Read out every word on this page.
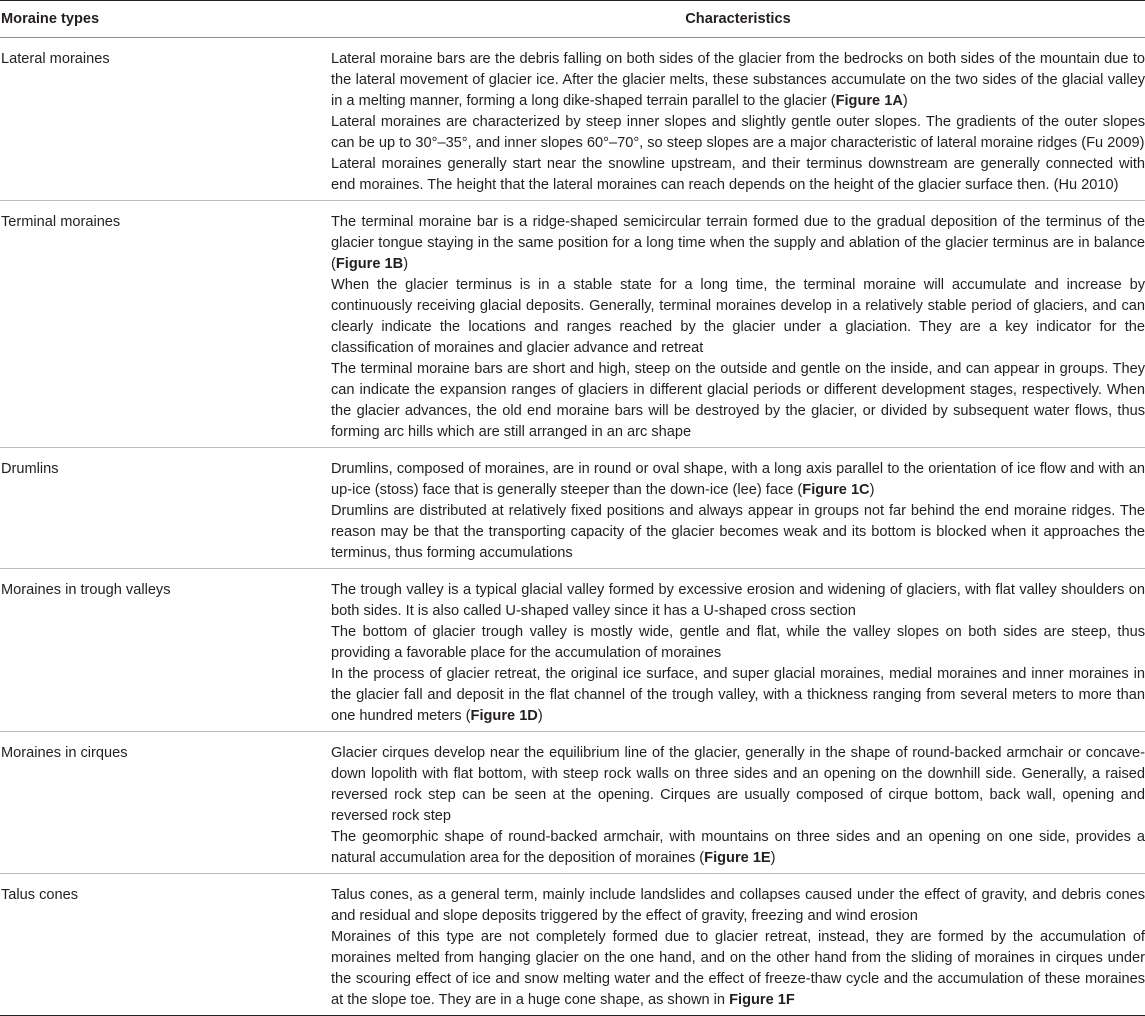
Moraine types	Characteristics
Lateral moraines	Lateral moraine bars are the debris falling on both sides of the glacier from the bedrocks on both sides of the mountain due to the lateral movement of glacier ice. After the glacier melts, these substances accumulate on the two sides of the glacial valley in a melting manner, forming a long dike-shaped terrain parallel to the glacier (Figure 1A)

Lateral moraines are characterized by steep inner slopes and slightly gentle outer slopes. The gradients of the outer slopes can be up to 30°–35°, and inner slopes 60°–70°, so steep slopes are a major characteristic of lateral moraine ridges (Fu 2009)

Lateral moraines generally start near the snowline upstream, and their terminus downstream are generally connected with end moraines. The height that the lateral moraines can reach depends on the height of the glacier surface then. (Hu 2010)

Terminal moraines	The terminal moraine bar is a ridge-shaped semicircular terrain formed due to the gradual deposition of the terminus of the glacier tongue staying in the same position for a long time when the supply and ablation of the glacier terminus are in balance (Figure 1B)

When the glacier terminus is in a stable state for a long time, the terminal moraine will accumulate and increase by continuously receiving glacial deposits. Generally, terminal moraines develop in a relatively stable period of glaciers, and can clearly indicate the locations and ranges reached by the glacier under a glaciation. They are a key indicator for the classification of moraines and glacier advance and retreat

The terminal moraine bars are short and high, steep on the outside and gentle on the inside, and can appear in groups. They can indicate the expansion ranges of glaciers in different glacial periods or different development stages, respectively. When the glacier advances, the old end moraine bars will be destroyed by the glacier, or divided by subsequent water flows, thus forming arc hills which are still arranged in an arc shape

Drumlins	Drumlins, composed of moraines, are in round or oval shape, with a long axis parallel to the orientation of ice flow and with an up-ice (stoss) face that is generally steeper than the down-ice (lee) face (Figure 1C)

Drumlins are distributed at relatively fixed positions and always appear in groups not far behind the end moraine ridges. The reason may be that the transporting capacity of the glacier becomes weak and its bottom is blocked when it approaches the terminus, thus forming accumulations

Moraines in trough valleys	The trough valley is a typical glacial valley formed by excessive erosion and widening of glaciers, with flat valley shoulders on both sides. It is also called U-shaped valley since it has a U-shaped cross section

The bottom of glacier trough valley is mostly wide, gentle and flat, while the valley slopes on both sides are steep, thus providing a favorable place for the accumulation of moraines

In the process of glacier retreat, the original ice surface, and super glacial moraines, medial moraines and inner moraines in the glacier fall and deposit in the flat channel of the trough valley, with a thickness ranging from several meters to more than one hundred meters (Figure 1D)

Moraines in cirques	Glacier cirques develop near the equilibrium line of the glacier, generally in the shape of round-backed armchair or concave-down lopolith with flat bottom, with steep rock walls on three sides and an opening on the downhill side. Generally, a raised reversed rock step can be seen at the opening. Cirques are usually composed of cirque bottom, back wall, opening and reversed rock step

The geomorphic shape of round-backed armchair, with mountains on three sides and an opening on one side, provides a natural accumulation area for the deposition of moraines (Figure 1E)

Talus cones	Talus cones, as a general term, mainly include landslides and collapses caused under the effect of gravity, and debris cones and residual and slope deposits triggered by the effect of gravity, freezing and wind erosion

Moraines of this type are not completely formed due to glacier retreat, instead, they are formed by the accumulation of moraines melted from hanging glacier on the one hand, and on the other hand from the sliding of moraines in cirques under the scouring effect of ice and snow melting water and the effect of freeze-thaw cycle and the accumulation of these moraines at the slope toe. They are in a huge cone shape, as shown in Figure 1F
